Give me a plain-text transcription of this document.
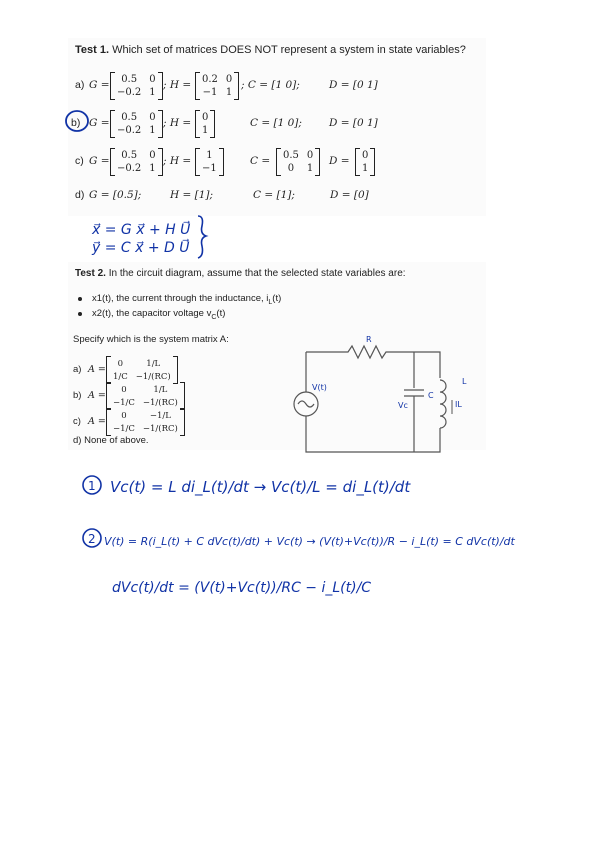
Test 1. Which set of matrices DOES NOT represent a system in state variables?
a) G =	0.5	0
−0.2 1
; H = 0.2 0
−1 1
; C = [1 0];	D = [0 1]
b) G =	0.5	0
−0.2 1
; H = 0
1
C = [1 0];	D = [0 1]
c) G =	0.5	0
−0.2 1
; H =	1
−1
C = 0.5 0
0	1
D = 0
1
d) G = [0.5];	H = [1];	C = [1];	D = [0]
Test 2. In the circuit diagram, assume that the selected state variables are:
x1(t), the current through the inductance, $i_L(t)$
x2(t), the capacitor voltage $v_C(t)$
Specify which is the system matrix A:
a) A =
0	1/L
1/C −1/(RC)
b) A =
0	1/L
−1/C −1/(RC)
c) A =
0	−1/L
−1/C −1/(RC)
d) None of above.
R
V(t)
L
C
Vc	IL
x⃗ = G x⃗ + H U⃗
y⃗ = C x⃗ + D U⃗
1 Vc(t) = L di_L(t)/dt → Vc(t)/L = di_L(t)/dt
2 V(t) = R(i_L(t) + C dVc(t)/dt) + Vc(t) → (V(t)+Vc(t))/R − i_L(t) = C dVc(t)/dt
dVc(t)/dt = (V(t)+Vc(t))/RC − i_L(t)/C
